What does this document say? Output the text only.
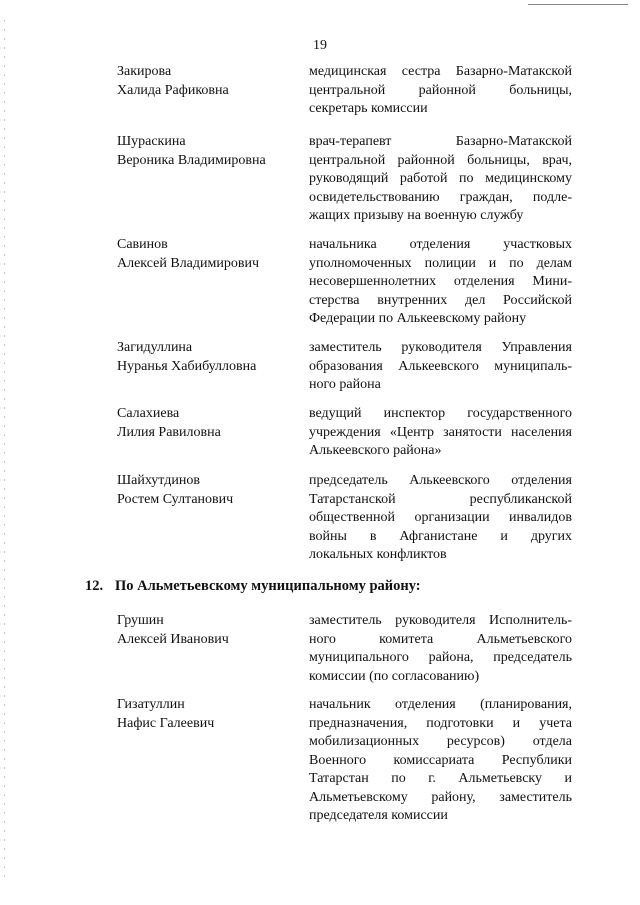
19
Закирова
Халида Рафиковна
медицинская сестра Базарно-Матакской
центральной районной больницы,
секретарь комиссии
Шураскина
Вероника Владимировна
врач-терапевт Базарно-Матакской
центральной районной больницы, врач,
руководящий работой по медицинскому
освидетельствованию граждан, подле-
жащих призыву на военную службу
Савинов
Алексей Владимирович
начальника отделения участковых
уполномоченных полиции и по делам
несовершеннолетних отделения Мини-
стерства внутренних дел Российской
Федерации по Алькеевскому району
Загидуллина
Нуранья Хабибулловна
заместитель руководителя Управления
образования Алькеевского муниципаль-
ного района
Салахиева
Лилия Равиловна
ведущий инспектор государственного
учреждения «Центр занятости населения
Алькеевского района»
Шайхутдинов
Ростем Султанович
председатель Алькеевского отделения
Татарстанской республиканской
общественной организации инвалидов
войны в Афганистане и других
локальных конфликтов
12. По Альметьевскому муниципальному району:
Грушин
Алексей Иванович
заместитель руководителя Исполнитель-
ного комитета Альметьевского
муниципального района, председатель
комиссии (по согласованию)
Гизатуллин
Нафис Галеевич
начальник отделения (планирования,
предназначения, подготовки и учета
мобилизационных ресурсов) отдела
Военного комиссариата Республики
Татарстан по г. Альметьевску и
Альметьевскому району, заместитель
председателя комиссии
